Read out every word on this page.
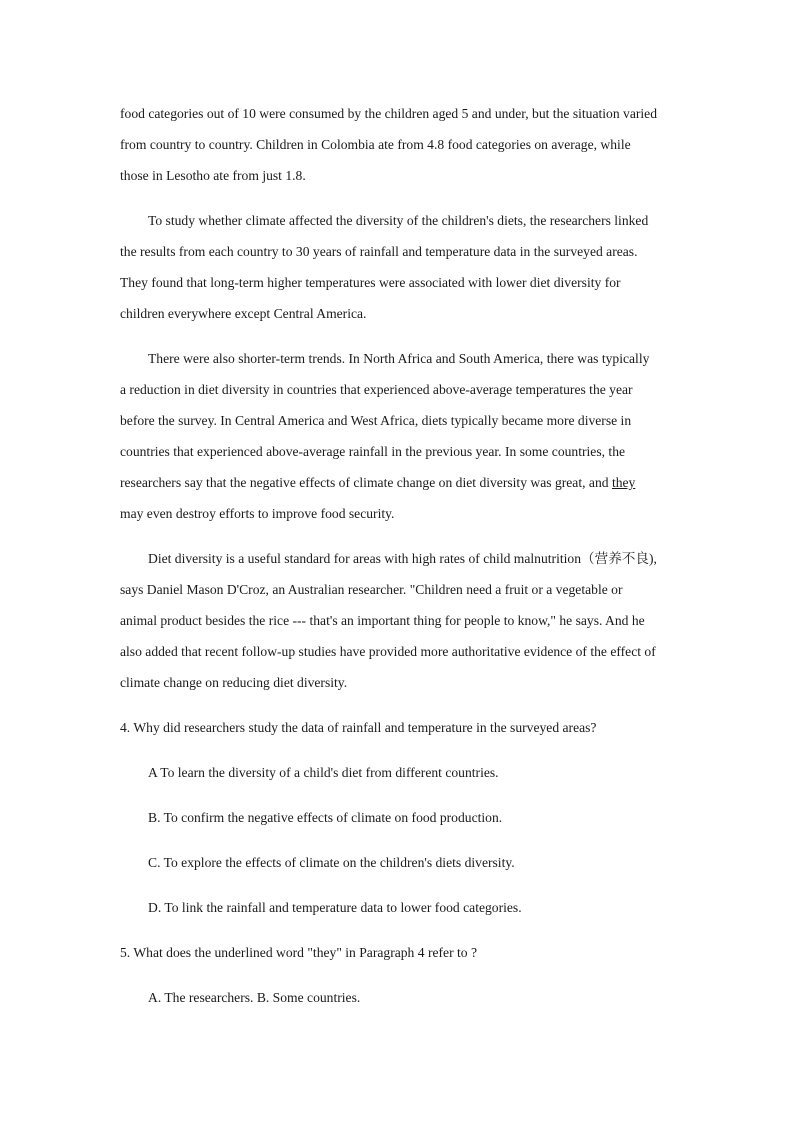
food categories out of 10 were consumed by the children aged 5 and under, but the situation varied
from country to country. Children in Colombia ate from 4.8 food categories on average, while
those in Lesotho ate from just 1.8.

To study whether climate affected the diversity of the children's diets, the researchers linked
the results from each country to 30 years of rainfall and temperature data in the surveyed areas.
They found that long-term higher temperatures were associated with lower diet diversity for
children everywhere except Central America.

There were also shorter-term trends. In North Africa and South America, there was typically
a reduction in diet diversity in countries that experienced above-average temperatures the year
before the survey. In Central America and West Africa, diets typically became more diverse in
countries that experienced above-average rainfall in the previous year. In some countries, the
researchers say that the negative effects of climate change on diet diversity was great, and they
may even destroy efforts to improve food security.

Diet diversity is a useful standard for areas with high rates of child malnutrition（营养不良),
says Daniel Mason D'Croz, an Australian researcher. "Children need a fruit or a vegetable or
animal product besides the rice --- that's an important thing for people to know," he says. And he
also added that recent follow-up studies have provided more authoritative evidence of the effect of
climate change on reducing diet diversity.

4. Why did researchers study the data of rainfall and temperature in the surveyed areas?

A To learn the diversity of a child's diet from different countries.

B. To confirm the negative effects of climate on food production.

C. To explore the effects of climate on the children's diets diversity.

D. To link the rainfall and temperature data to lower food categories.

5. What does the underlined word "they" in Paragraph 4 refer to ?

A. The researchers. B. Some countries.
